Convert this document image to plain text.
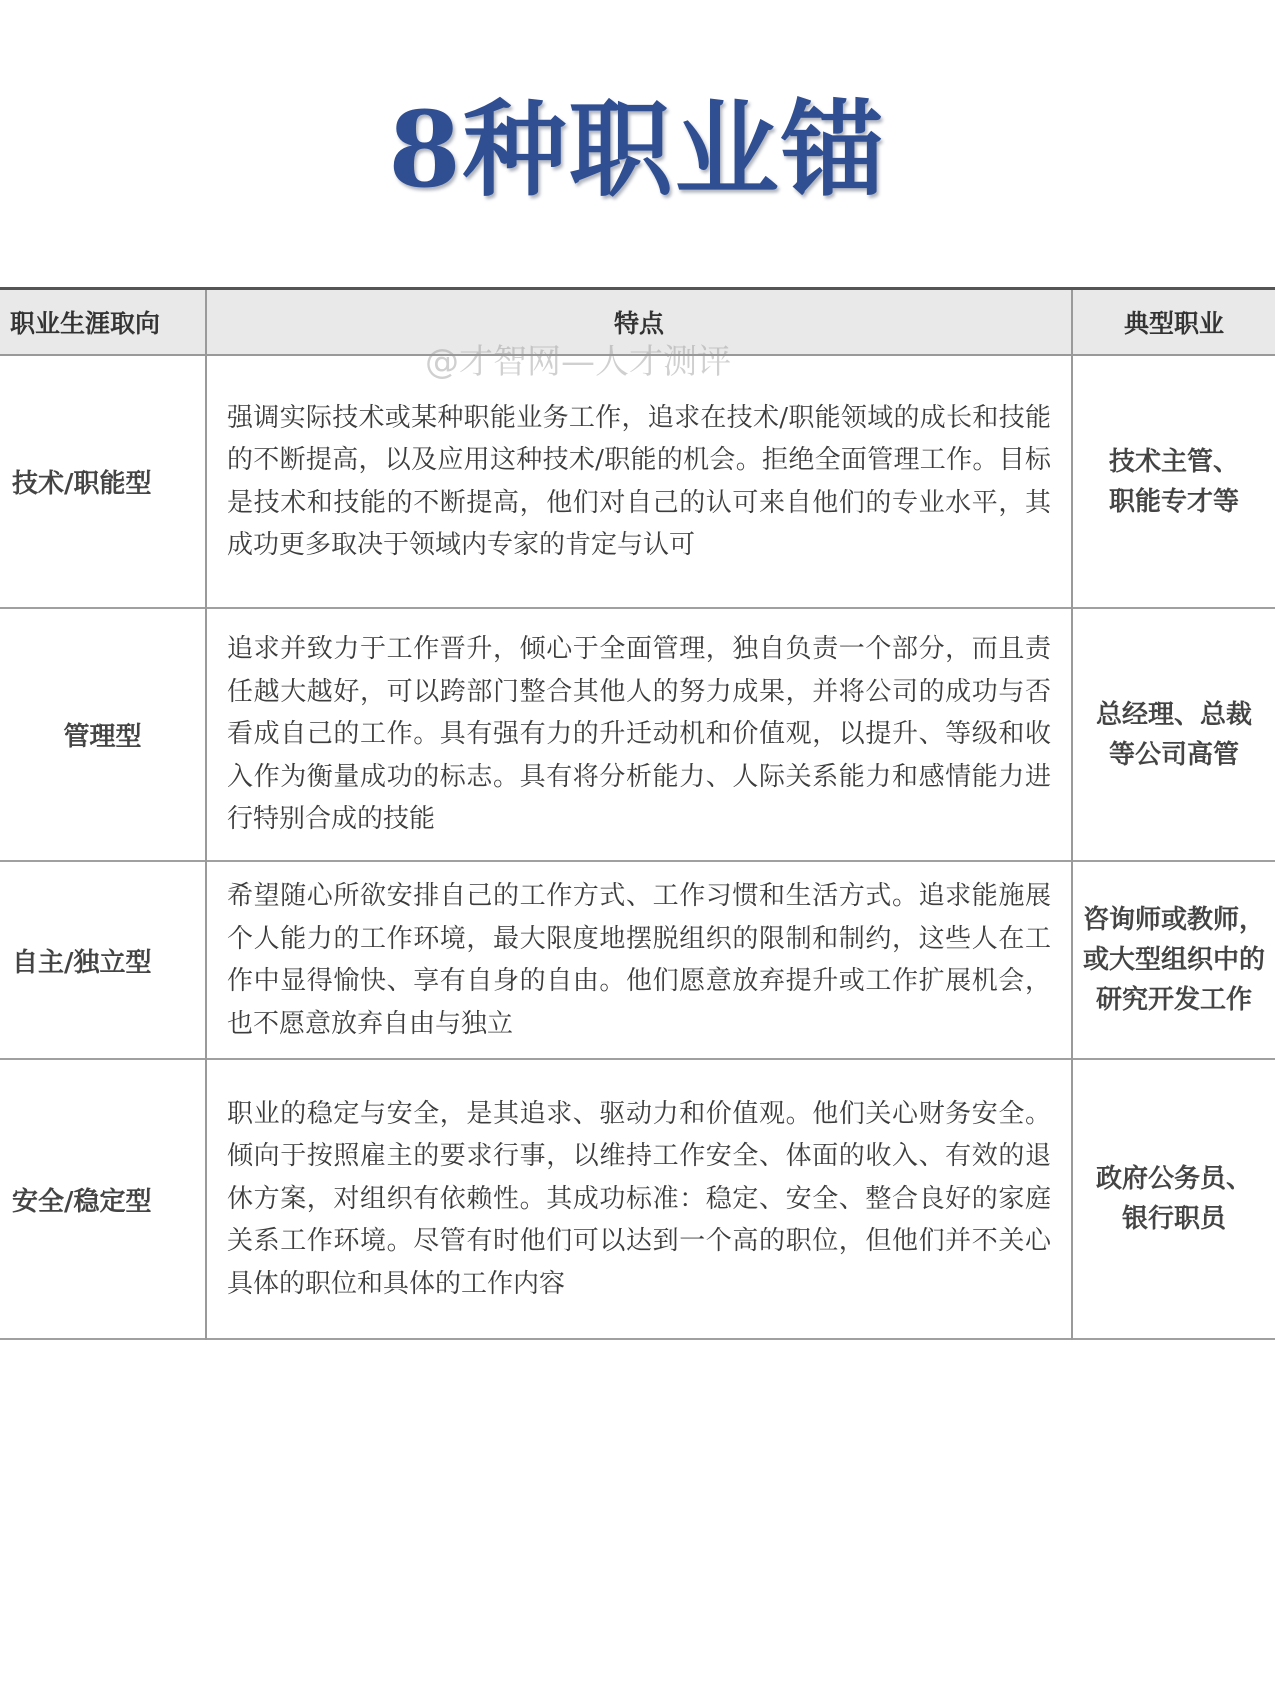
8种职业锚
职业生涯取向	特点	典型职业
技术/职能型	强调实际技术或某种职能业务工作，追求在技术/职能领域的成长和技能的不断提高，以及应用这种技术/职能的机会。拒绝全面管理工作。目标是技术和技能的不断提高，他们对自己的认可来自他们的专业水平，其成功更多取决于领域内专家的肯定与认可	技术主管、
职能专才等

管理型	追求并致力于工作晋升，倾心于全面管理，独自负责一个部分，而且责任越大越好，可以跨部门整合其他人的努力成果，并将公司的成功与否看成自己的工作。具有强有力的升迁动机和价值观，以提升、等级和收入作为衡量成功的标志。具有将分析能力、人际关系能力和感情能力进行特别合成的技能	总经理、总裁
等公司高管

自主/独立型	希望随心所欲安排自己的工作方式、工作习惯和生活方式。追求能施展个人能力的工作环境，最大限度地摆脱组织的限制和制约，这些人在工作中显得愉快、享有自身的自由。他们愿意放弃提升或工作扩展机会，也不愿意放弃自由与独立	咨询师或教师，
或大型组织中的
研究开发工作

安全/稳定型	职业的稳定与安全，是其追求、驱动力和价值观。他们关心财务安全。倾向于按照雇主的要求行事，以维持工作安全、体面的收入、有效的退休方案，对组织有依赖性。其成功标准：稳定、安全、整合良好的家庭关系工作环境。尽管有时他们可以达到一个高的职位，但他们并不关心具体的职位和具体的工作内容	政府公务员、
银行职员
@才智网—人才测评
